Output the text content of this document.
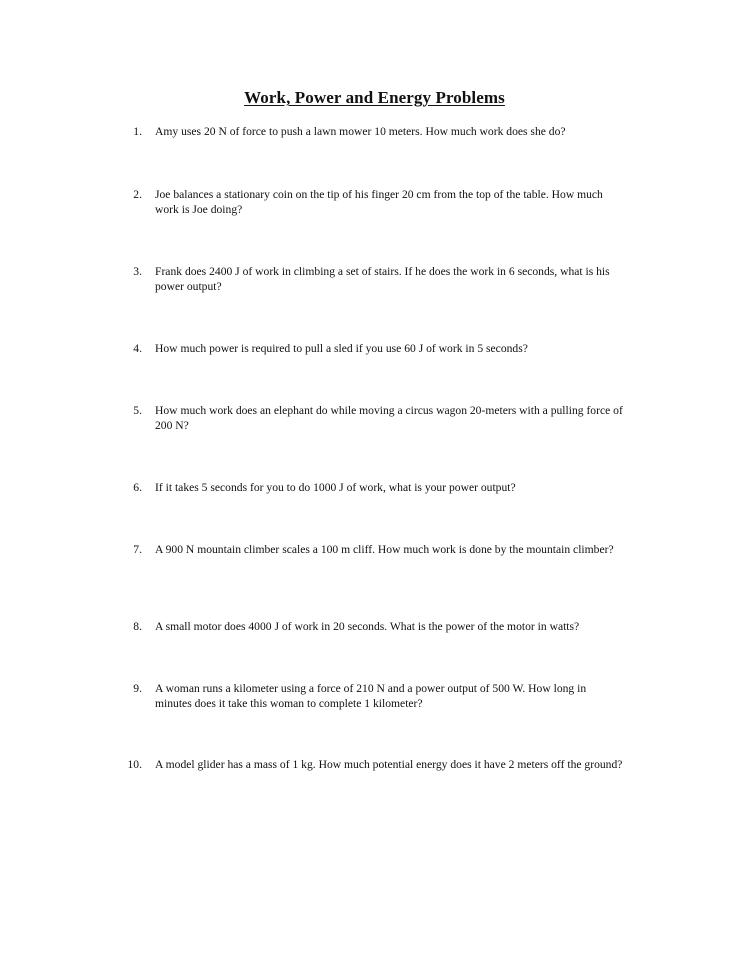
Work, Power and Energy Problems
1. Amy uses 20 N of force to push a lawn mower 10 meters. How much work does she do?
2. Joe balances a stationary coin on the tip of his finger 20 cm from the top of the table. How much work is Joe doing?
3. Frank does 2400 J of work in climbing a set of stairs. If he does the work in 6 seconds, what is his power output?
4. How much power is required to pull a sled if you use 60 J of work in 5 seconds?
5. How much work does an elephant do while moving a circus wagon 20-meters with a pulling force of 200 N?
6. If it takes 5 seconds for you to do 1000 J of work, what is your power output?
7. A 900 N mountain climber scales a 100 m cliff. How much work is done by the mountain climber?
8. A small motor does 4000 J of work in 20 seconds. What is the power of the motor in watts?
9. A woman runs a kilometer using a force of 210 N and a power output of 500 W. How long in minutes does it take this woman to complete 1 kilometer?
10. A model glider has a mass of 1 kg. How much potential energy does it have 2 meters off the ground?
